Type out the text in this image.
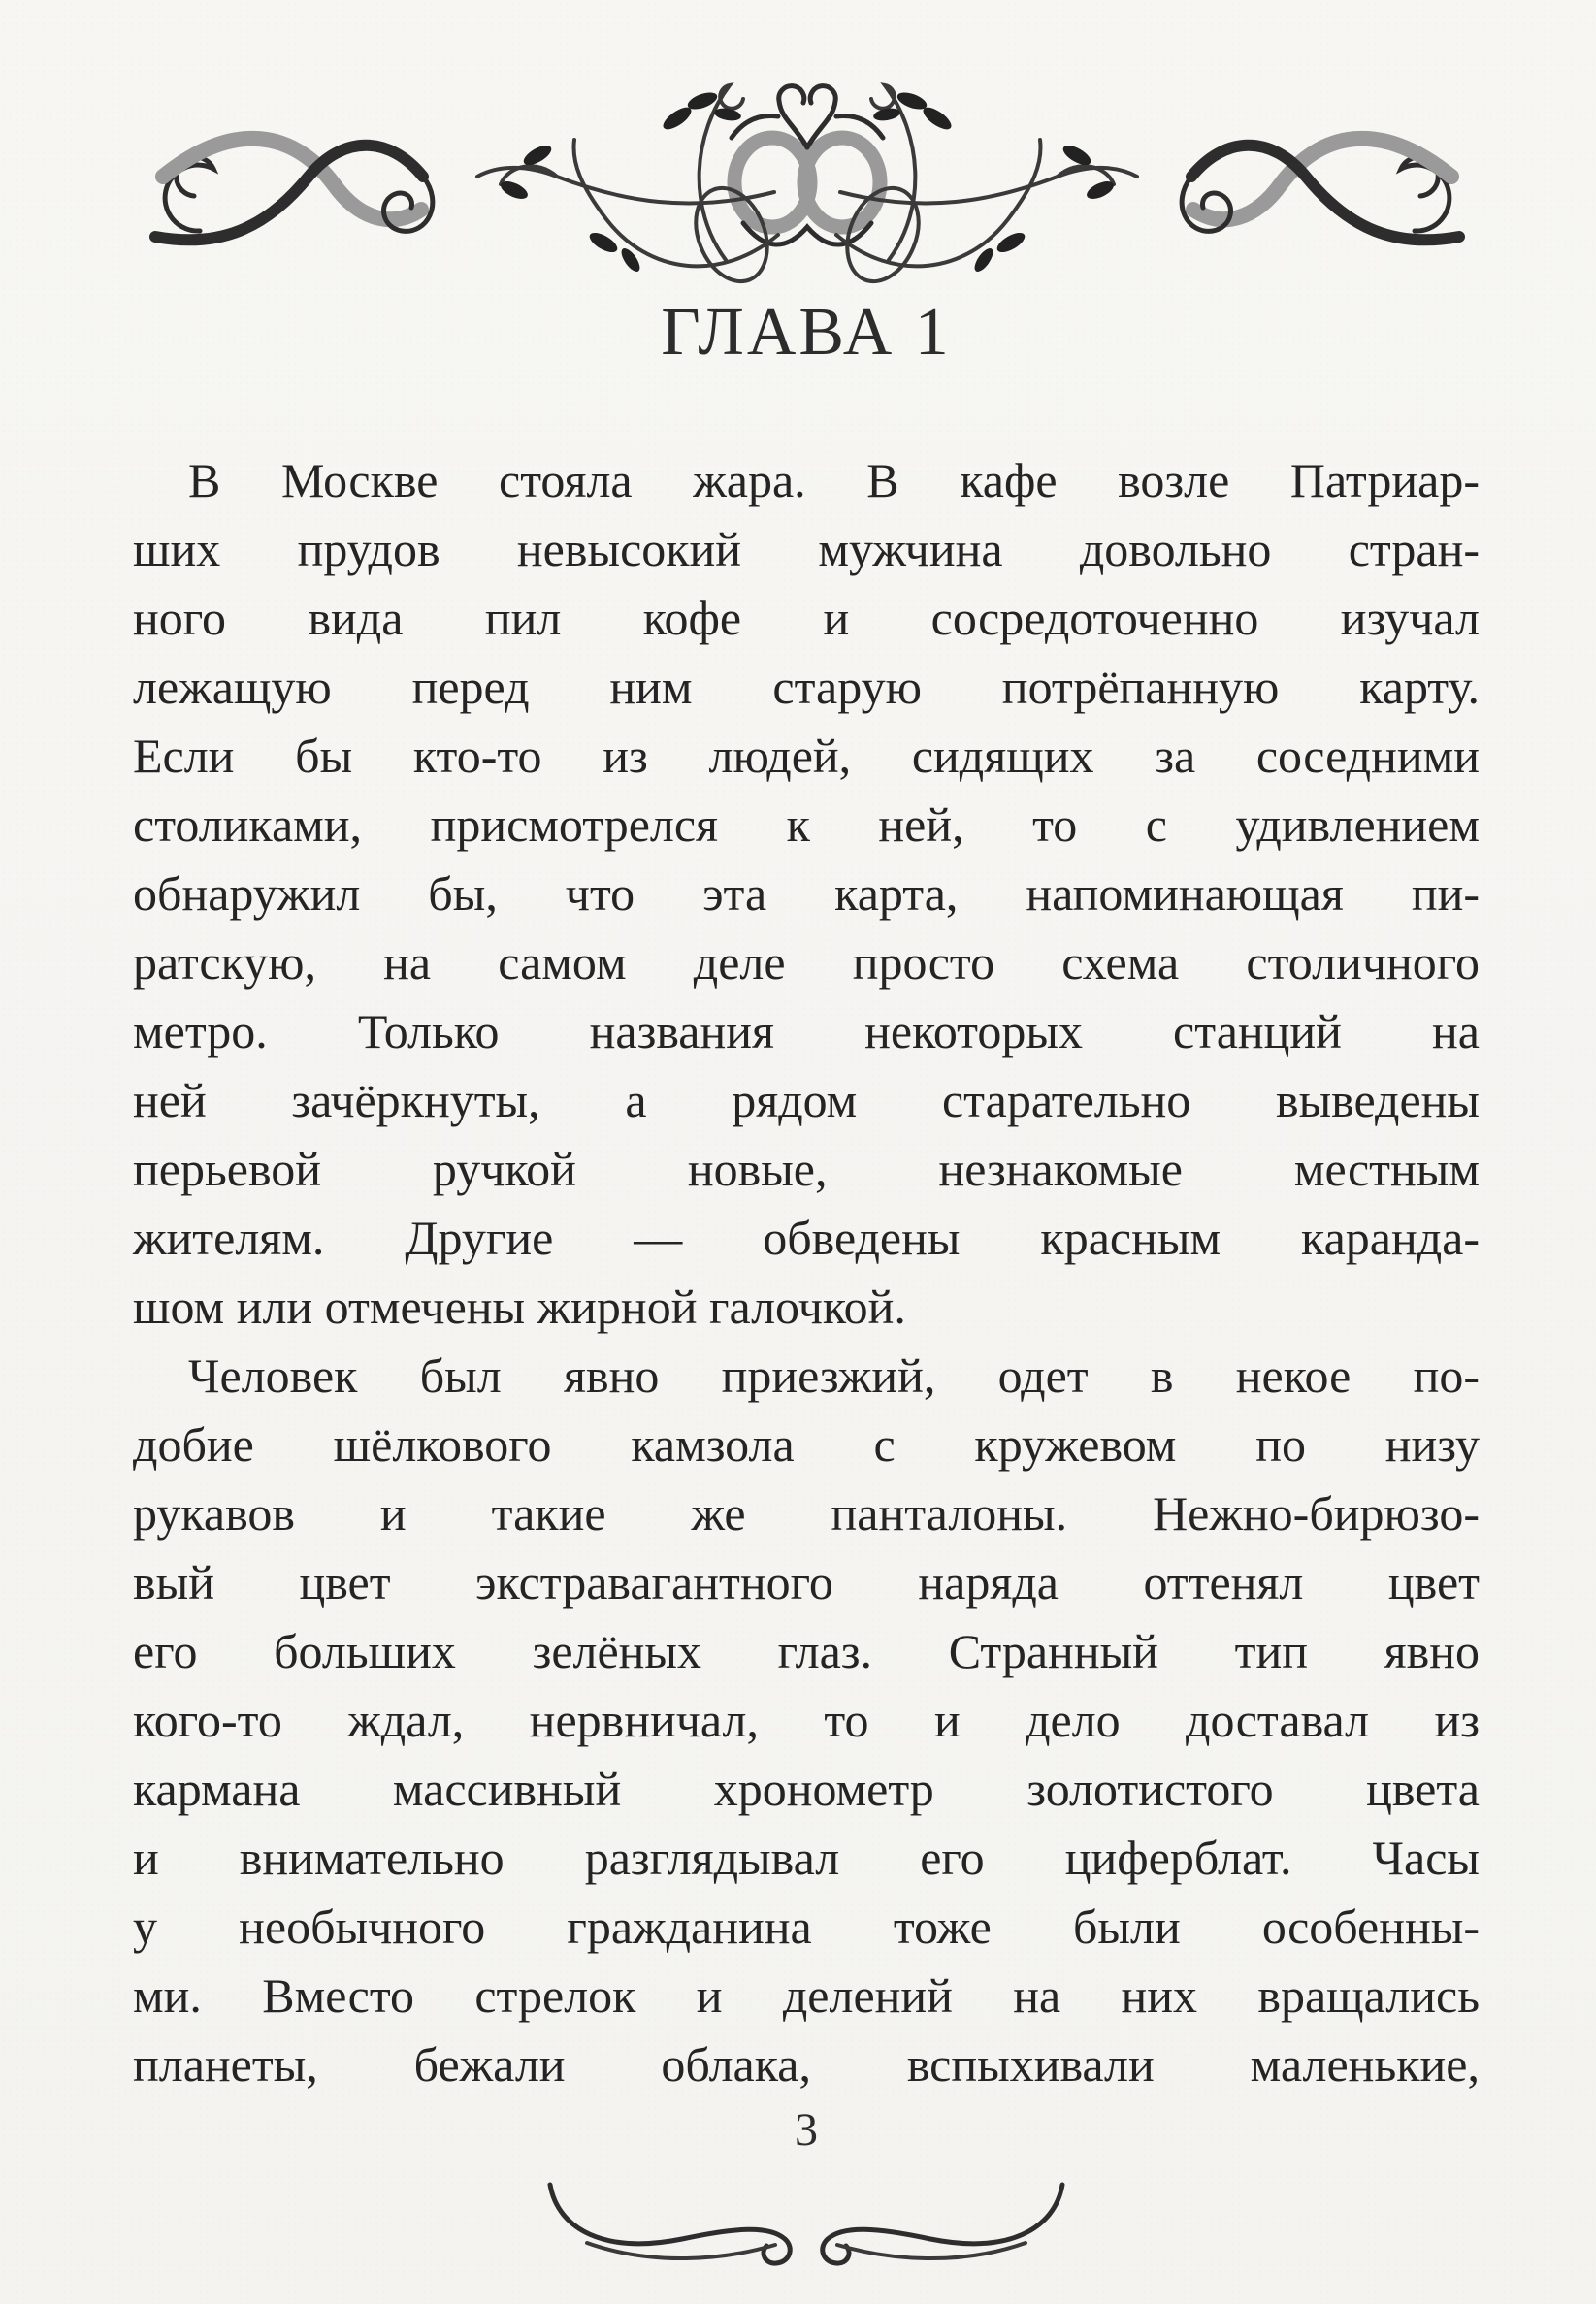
ГЛАВА 1
В Москве стояла жара. В кафе возле Патриар-
ших прудов невысокий мужчина довольно стран-
ного вида пил кофе и сосредоточенно изучал
лежащую перед ним старую потрёпанную карту.
Если бы кто-то из людей, сидящих за соседними
столиками, присмотрелся к ней, то с удивлением
обнаружил бы, что эта карта, напоминающая пи-
ратскую, на самом деле просто схема столичного
метро. Только названия некоторых станций на
ней зачёркнуты, а рядом старательно выведены
перьевой ручкой новые, незнакомые местным
жителям. Другие — обведены красным каранда-
шом или отмечены жирной галочкой.
Человек был явно приезжий, одет в некое по-
добие шёлкового камзола с кружевом по низу
рукавов и такие же панталоны. Нежно-бирюзо-
вый цвет экстравагантного наряда оттенял цвет
его больших зелёных глаз. Странный тип явно
кого-то ждал, нервничал, то и дело доставал из
кармана массивный хронометр золотистого цвета
и внимательно разглядывал его циферблат. Часы
у необычного гражданина тоже были особенны-
ми. Вместо стрелок и делений на них вращались
планеты, бежали облака, вспыхивали маленькие,
3
